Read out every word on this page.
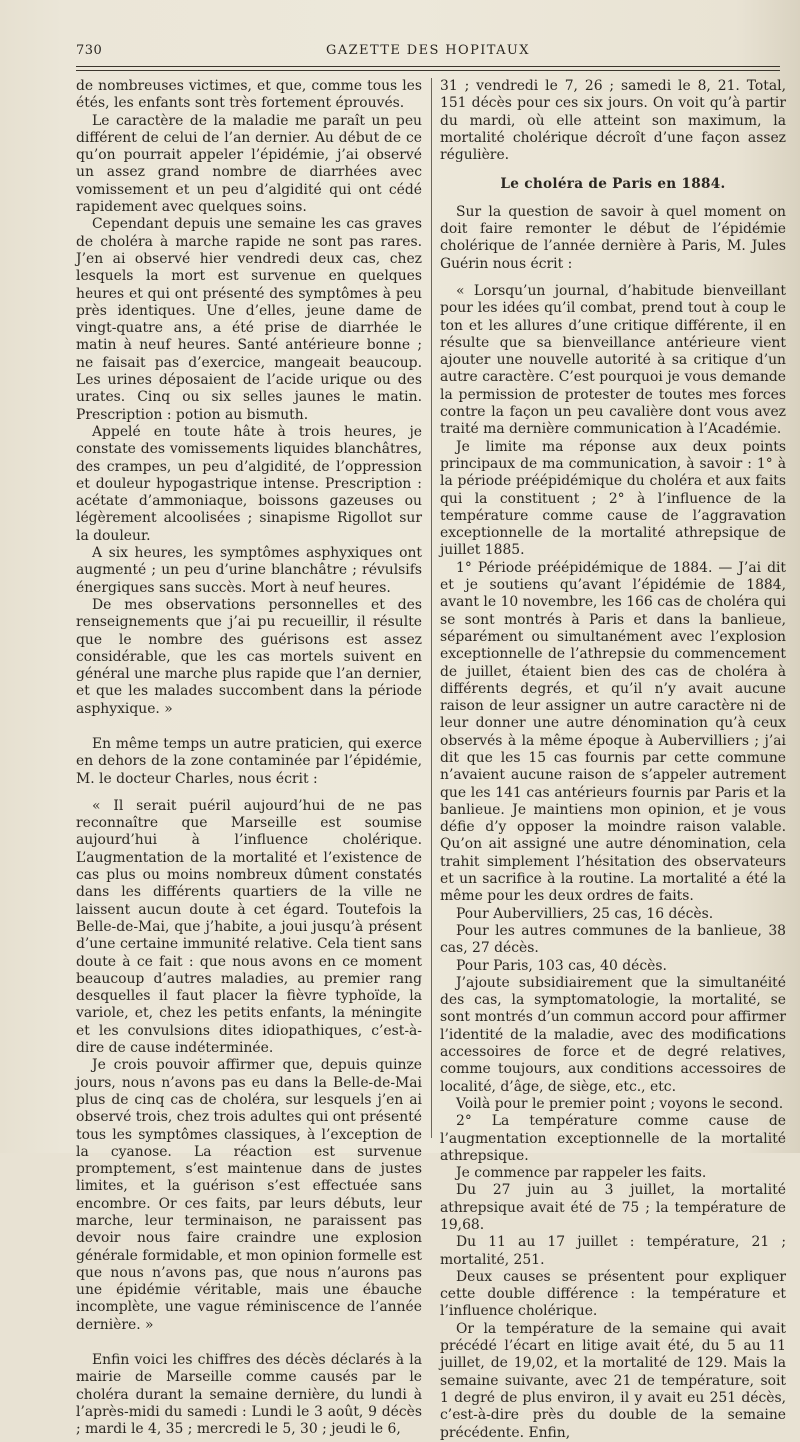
730	GAZETTE DES HOPITAUX

de nombreuses victimes, et que, comme tous les étés, les enfants sont très fortement éprouvés.

Le caractère de la maladie me paraît un peu différent de celui de l’an dernier. Au début de ce qu’on pourrait appeler l’épidémie, j’ai observé un assez grand nombre de diarrhées avec vomissement et un peu d’algidité qui ont cédé rapidement avec quelques soins.

Cependant depuis une semaine les cas graves de choléra à marche rapide ne sont pas rares. J’en ai observé hier vendredi deux cas, chez lesquels la mort est survenue en quelques heures et qui ont présenté des symptômes à peu près identiques. Une d’elles, jeune dame de vingt-quatre ans, a été prise de diarrhée le matin à neuf heures. Santé antérieure bonne ; ne faisait pas d’exercice, mangeait beaucoup. Les urines déposaient de l’acide urique ou des urates. Cinq ou six selles jaunes le matin. Prescription : potion au bismuth.

Appelé en toute hâte à trois heures, je constate des vomissements liquides blanchâtres, des crampes, un peu d’algidité, de l’oppression et douleur hypogastrique intense. Prescription : acétate d’ammoniaque, boissons gazeuses ou légèrement alcoolisées ; sinapisme Rigollot sur la douleur.

A six heures, les symptômes asphyxiques ont augmenté ; un peu d’urine blanchâtre ; révulsifs énergiques sans succès. Mort à neuf heures.

De mes observations personnelles et des renseignements que j’ai pu recueillir, il résulte que le nombre des guérisons est assez considérable, que les cas mortels suivent en général une marche plus rapide que l’an dernier, et que les malades succombent dans la période asphyxique. »

En même temps un autre praticien, qui exerce en dehors de la zone contaminée par l’épidémie, M. le docteur Charles, nous écrit :

« Il serait puéril aujourd’hui de ne pas reconnaître que Marseille est soumise aujourd’hui à l’influence cholérique. L’augmentation de la mortalité et l’existence de cas plus ou moins nombreux dûment constatés dans les différents quartiers de la ville ne laissent aucun doute à cet égard. Toutefois la Belle-de-Mai, que j’habite, a joui jusqu’à présent d’une certaine immunité relative. Cela tient sans doute à ce fait : que nous avons en ce moment beaucoup d’autres maladies, au premier rang desquelles il faut placer la fièvre typhoïde, la variole, et, chez les petits enfants, la méningite et les convulsions dites idiopathiques, c’est-à-dire de cause indéterminée.

Je crois pouvoir affirmer que, depuis quinze jours, nous n’avons pas eu dans la Belle-de-Mai plus de cinq cas de choléra, sur lesquels j’en ai observé trois, chez trois adultes qui ont présenté tous les symptômes classiques, à l’exception de la cyanose. La réaction est survenue promptement, s’est maintenue dans de justes limites, et la guérison s’est effectuée sans encombre. Or ces faits, par leurs débuts, leur marche, leur terminaison, ne paraissent pas devoir nous faire craindre une explosion générale formidable, et mon opinion formelle est que nous n’avons pas, que nous n’aurons pas une épidémie véritable, mais une ébauche incomplète, une vague réminiscence de l’année dernière. »

Enfin voici les chiffres des décès déclarés à la mairie de Marseille comme causés par le choléra durant la semaine dernière, du lundi à l’après-midi du samedi : Lundi le 3 août, 9 décès ; mardi le 4, 35 ; mercredi le 5, 30 ; jeudi le 6,

31 ; vendredi le 7, 26 ; samedi le 8, 21. Total, 151 décès pour ces six jours. On voit qu’à partir du mardi, où elle atteint son maximum, la mortalité cholérique décroît d’une façon assez régulière.

Le choléra de Paris en 1884.

Sur la question de savoir à quel moment on doit faire remonter le début de l’épidémie cholérique de l’année dernière à Paris, M. Jules Guérin nous écrit :

« Lorsqu’un journal, d’habitude bienveillant pour les idées qu’il combat, prend tout à coup le ton et les allures d’une critique différente, il en résulte que sa bienveillance antérieure vient ajouter une nouvelle autorité à sa critique d’un autre caractère. C’est pourquoi je vous demande la permission de protester de toutes mes forces contre la façon un peu cavalière dont vous avez traité ma dernière communication à l’Académie.

Je limite ma réponse aux deux points principaux de ma communication, à savoir : 1° à la période préépidémique du choléra et aux faits qui la constituent ; 2° à l’influence de la température comme cause de l’aggravation exceptionnelle de la mortalité athrepsique de juillet 1885.

1° Période préépidémique de 1884. — J’ai dit et je soutiens qu’avant l’épidémie de 1884, avant le 10 novembre, les 166 cas de choléra qui se sont montrés à Paris et dans la banlieue, séparément ou simultanément avec l’explosion exceptionnelle de l’athrepsie du commencement de juillet, étaient bien des cas de choléra à différents degrés, et qu’il n’y avait aucune raison de leur assigner un autre caractère ni de leur donner une autre dénomination qu’à ceux observés à la même époque à Aubervilliers ; j’ai dit que les 15 cas fournis par cette commune n’avaient aucune raison de s’appeler autrement que les 141 cas antérieurs fournis par Paris et la banlieue. Je maintiens mon opinion, et je vous défie d’y opposer la moindre raison valable. Qu’on ait assigné une autre dénomination, cela trahit simplement l’hésitation des observateurs et un sacrifice à la routine. La mortalité a été la même pour les deux ordres de faits.

Pour Aubervilliers, 25 cas, 16 décès.

Pour les autres communes de la banlieue, 38 cas, 27 décès.

Pour Paris, 103 cas, 40 décès.

J’ajoute subsidiairement que la simultanéité des cas, la symptomatologie, la mortalité, se sont montrés d’un commun accord pour affirmer l’identité de la maladie, avec des modifications accessoires de force et de degré relatives, comme toujours, aux conditions accessoires de localité, d’âge, de siège, etc., etc.

Voilà pour le premier point ; voyons le second.

2° La température comme cause de l’augmentation exceptionnelle de la mortalité athrepsique.

Je commence par rappeler les faits.

Du 27 juin au 3 juillet, la mortalité athrepsique avait été de 75 ; la température de 19,68.

Du 11 au 17 juillet : température, 21 ; mortalité, 251.

Deux causes se présentent pour expliquer cette double différence : la température et l’influence cholérique.

Or la température de la semaine qui avait précédé l’écart en litige avait été, du 5 au 11 juillet, de 19,02, et la mortalité de 129. Mais la semaine suivante, avec 21 de température, soit 1 degré de plus environ, il y avait eu 251 décès, c’est-à-dire près du double de la semaine précédente. Enfin,
